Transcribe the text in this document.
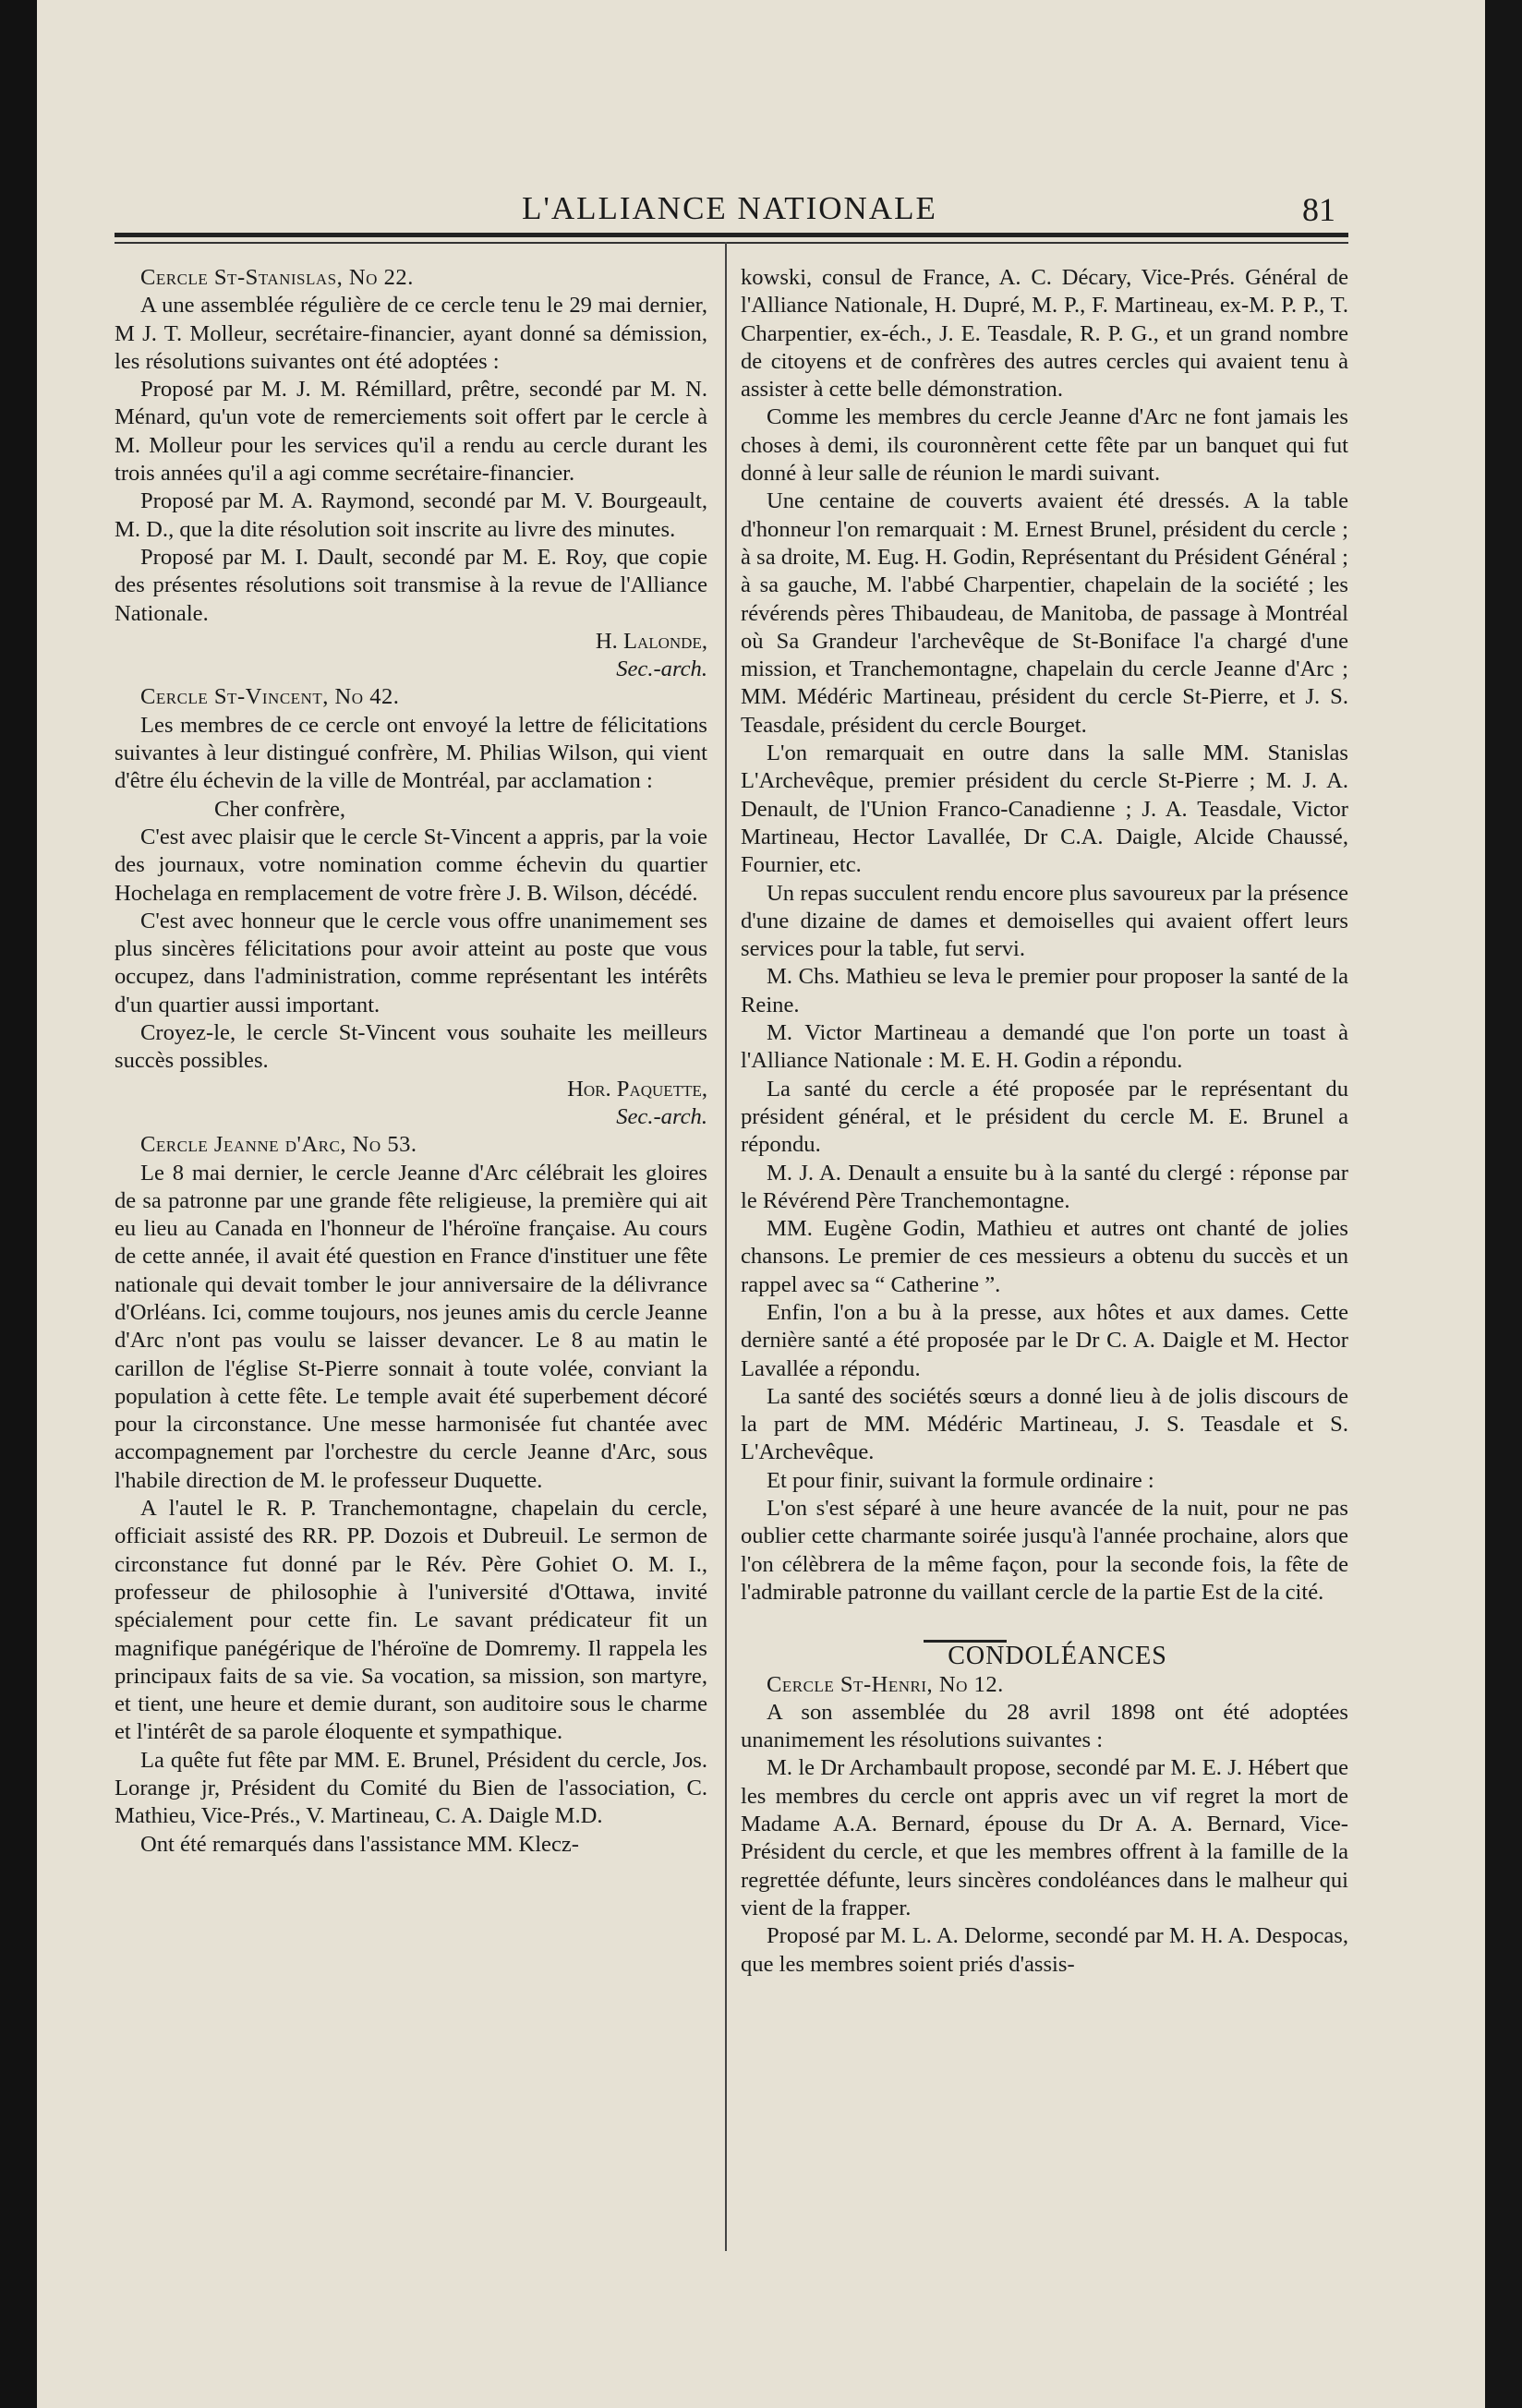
L'ALLIANCE NATIONALE	81

Cercle St-Stanislas, No 22.

A une assemblée régulière de ce cercle tenu le 29 mai dernier, M J. T. Molleur, secrétaire-financier, ayant donné sa démission, les résolutions suivantes ont été adoptées :

Proposé par M. J. M. Rémillard, prêtre, secondé par M. N. Ménard, qu'un vote de remerciements soit offert par le cercle à M. Molleur pour les services qu'il a rendu au cercle durant les trois années qu'il a agi comme secrétaire-financier.

Proposé par M. A. Raymond, secondé par M. V. Bourgeault, M. D., que la dite résolution soit inscrite au livre des minutes.

Proposé par M. I. Dault, secondé par M. E. Roy, que copie des présentes résolutions soit transmise à la revue de l'Alliance Nationale.

H. Lalonde,

Sec.-arch.

Cercle St-Vincent, No 42.

Les membres de ce cercle ont envoyé la lettre de félicitations suivantes à leur distingué confrère, M. Philias Wilson, qui vient d'être élu échevin de la ville de Montréal, par acclamation :

Cher confrère,

C'est avec plaisir que le cercle St-Vincent a appris, par la voie des journaux, votre nomination comme échevin du quartier Hochelaga en remplacement de votre frère J. B. Wilson, décédé.

C'est avec honneur que le cercle vous offre unanimement ses plus sincères félicitations pour avoir atteint au poste que vous occupez, dans l'administration, comme représentant les intérêts d'un quartier aussi important.

Croyez-le, le cercle St-Vincent vous souhaite les meilleurs succès possibles.

Hor. Paquette,

Sec.-arch.

Cercle Jeanne d'Arc, No 53.

Le 8 mai dernier, le cercle Jeanne d'Arc célébrait les gloires de sa patronne par une grande fête religieuse, la première qui ait eu lieu au Canada en l'honneur de l'héroïne française. Au cours de cette année, il avait été question en France d'instituer une fête nationale qui devait tomber le jour anniversaire de la délivrance d'Orléans. Ici, comme toujours, nos jeunes amis du cercle Jeanne d'Arc n'ont pas voulu se laisser devancer. Le 8 au matin le carillon de l'église St-Pierre sonnait à toute volée, conviant la population à cette fête. Le temple avait été superbement décoré pour la circonstance. Une messe harmonisée fut chantée avec accompagnement par l'orchestre du cercle Jeanne d'Arc, sous l'habile direction de M. le professeur Duquette.

A l'autel le R. P. Tranchemontagne, chapelain du cercle, officiait assisté des RR. PP. Dozois et Dubreuil. Le sermon de circonstance fut donné par le Rév. Père Gohiet O. M. I., professeur de philosophie à l'université d'Ottawa, invité spécialement pour cette fin. Le savant prédicateur fit un magnifique panégérique de l'héroïne de Domremy. Il rappela les principaux faits de sa vie. Sa vocation, sa mission, son martyre, et tient, une heure et demie durant, son auditoire sous le charme et l'intérêt de sa parole éloquente et sympathique.

La quête fut fête par MM. E. Brunel, Président du cercle, Jos. Lorange jr, Président du Comité du Bien de l'association, C. Mathieu, Vice-Prés., V. Martineau, C. A. Daigle M.D.

Ont été remarqués dans l'assistance MM. Klecz-

kowski, consul de France, A. C. Décary, Vice-Prés. Général de l'Alliance Nationale, H. Dupré, M. P., F. Martineau, ex-M. P. P., T. Charpentier, ex-éch., J. E. Teasdale, R. P. G., et un grand nombre de citoyens et de confrères des autres cercles qui avaient tenu à assister à cette belle démonstration.

Comme les membres du cercle Jeanne d'Arc ne font jamais les choses à demi, ils couronnèrent cette fête par un banquet qui fut donné à leur salle de réunion le mardi suivant.

Une centaine de couverts avaient été dressés. A la table d'honneur l'on remarquait : M. Ernest Brunel, président du cercle ; à sa droite, M. Eug. H. Godin, Représentant du Président Général ; à sa gauche, M. l'abbé Charpentier, chapelain de la société ; les révérends pères Thibaudeau, de Manitoba, de passage à Montréal où Sa Grandeur l'archevêque de St-Boniface l'a chargé d'une mission, et Tranchemontagne, chapelain du cercle Jeanne d'Arc ; MM. Médéric Martineau, président du cercle St-Pierre, et J. S. Teasdale, président du cercle Bourget.

L'on remarquait en outre dans la salle MM. Stanislas L'Archevêque, premier président du cercle St-Pierre ; M. J. A. Denault, de l'Union Franco-Canadienne ; J. A. Teasdale, Victor Martineau, Hector Lavallée, Dr C.A. Daigle, Alcide Chaussé, Fournier, etc.

Un repas succulent rendu encore plus savoureux par la présence d'une dizaine de dames et demoiselles qui avaient offert leurs services pour la table, fut servi.

M. Chs. Mathieu se leva le premier pour proposer la santé de la Reine.

M. Victor Martineau a demandé que l'on porte un toast à l'Alliance Nationale : M. E. H. Godin a répondu.

La santé du cercle a été proposée par le représentant du président général, et le président du cercle M. E. Brunel a répondu.

M. J. A. Denault a ensuite bu à la santé du clergé : réponse par le Révérend Père Tranchemontagne.

MM. Eugène Godin, Mathieu et autres ont chanté de jolies chansons. Le premier de ces messieurs a obtenu du succès et un rappel avec sa “ Catherine ”.

Enfin, l'on a bu à la presse, aux hôtes et aux dames. Cette dernière santé a été proposée par le Dr C. A. Daigle et M. Hector Lavallée a répondu.

La santé des sociétés sœurs a donné lieu à de jolis discours de la part de MM. Médéric Martineau, J. S. Teasdale et S. L'Archevêque.

Et pour finir, suivant la formule ordinaire :

L'on s'est séparé à une heure avancée de la nuit, pour ne pas oublier cette charmante soirée jusqu'à l'année prochaine, alors que l'on célèbrera de la même façon, pour la seconde fois, la fête de l'admirable patronne du vaillant cercle de la partie Est de la cité.

CONDOLÉANCES

Cercle St-Henri, No 12.

A son assemblée du 28 avril 1898 ont été adoptées unanimement les résolutions suivantes :

M. le Dr Archambault propose, secondé par M. E. J. Hébert que les membres du cercle ont appris avec un vif regret la mort de Madame A.A. Bernard, épouse du Dr A. A. Bernard, Vice-Président du cercle, et que les membres offrent à la famille de la regrettée défunte, leurs sincères condoléances dans le malheur qui vient de la frapper.

Proposé par M. L. A. Delorme, secondé par M. H. A. Despocas, que les membres soient priés d'assis-
